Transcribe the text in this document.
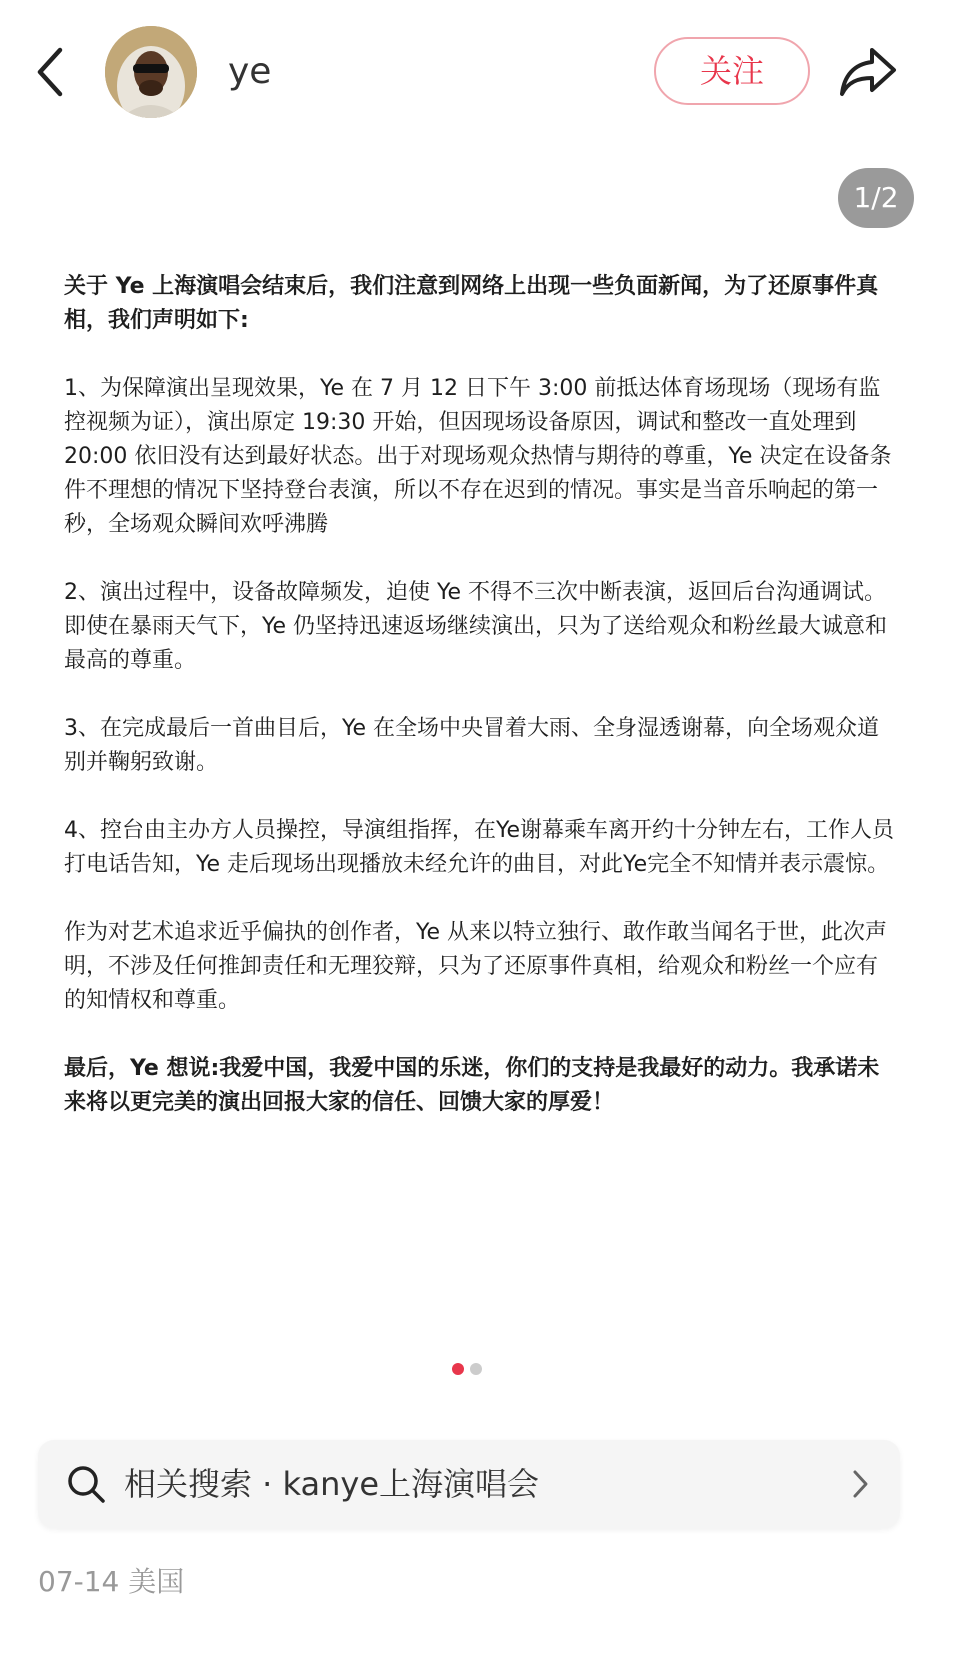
ye	关注
1/2

关于 Ye 上海演唱会结束后，我们注意到网络上出现一些负面新闻，为了还原事件真相，我们声明如下:

1、为保障演出呈现效果，Ye 在 7 月 12 日下午 3:00 前抵达体育场现场（现场有监控视频为证），演出原定 19:30 开始，但因现场设备原因，调试和整改一直处理到 20:00 依旧没有达到最好状态。出于对现场观众热情与期待的尊重，Ye 决定在设备条件不理想的情况下坚持登台表演，所以不存在迟到的情况。事实是当音乐响起的第一秒，全场观众瞬间欢呼沸腾

2、演出过程中，设备故障频发，迫使 Ye 不得不三次中断表演，返回后台沟通调试。即使在暴雨天气下，Ye 仍坚持迅速返场继续演出，只为了送给观众和粉丝最大诚意和最高的尊重。

3、在完成最后一首曲目后，Ye 在全场中央冒着大雨、全身湿透谢幕，向全场观众道别并鞠躬致谢。

4、控台由主办方人员操控，导演组指挥，在Ye谢幕乘车离开约十分钟左右，工作人员打电话告知，Ye 走后现场出现播放未经允许的曲目，对此Ye完全不知情并表示震惊。

作为对艺术追求近乎偏执的创作者，Ye 从来以特立独行、敢作敢当闻名于世，此次声明，不涉及任何推卸责任和无理狡辩，只为了还原事件真相，给观众和粉丝一个应有的知情权和尊重。

最后，Ye 想说:我爱中国，我爱中国的乐迷，你们的支持是我最好的动力。我承诺未来将以更完美的演出回报大家的信任、回馈大家的厚爱！

相关搜索 · kanye上海演唱会
07-14 美国
